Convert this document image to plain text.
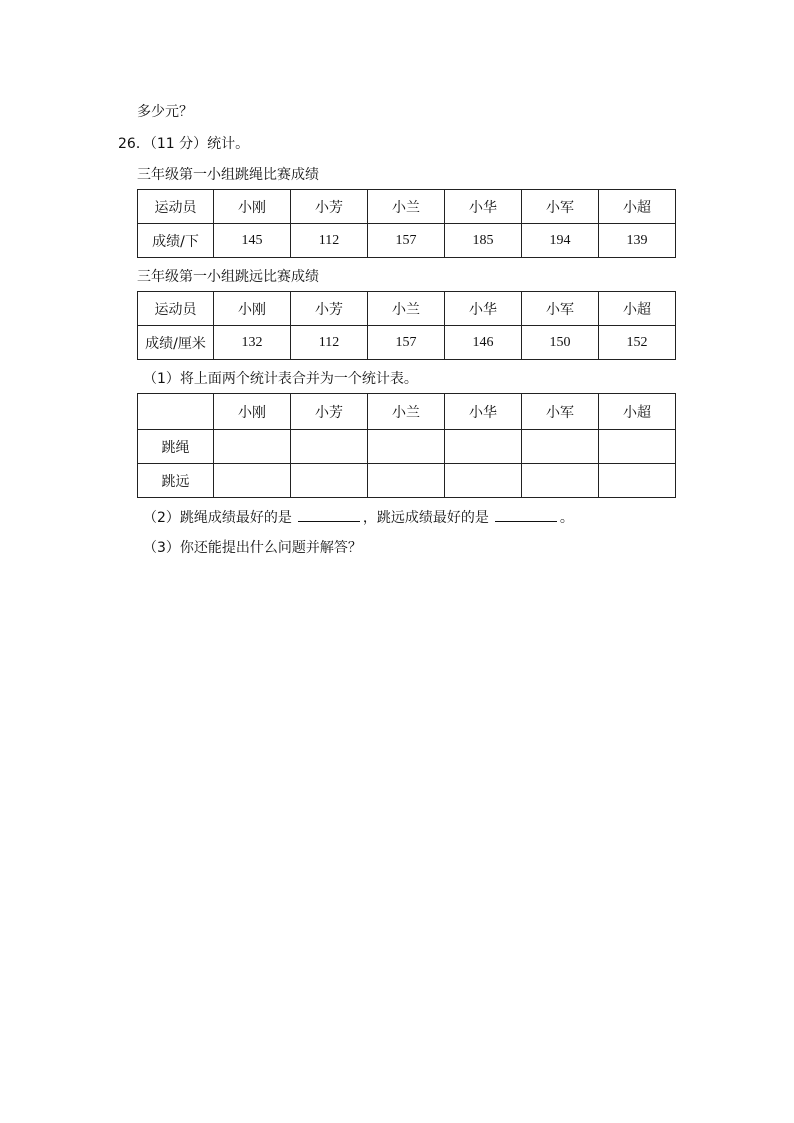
多少元？
26．（11 分）统计。
三年级第一小组跳绳比赛成绩
运动员	小刚	小芳	小兰	小华	小军	小超
成绩/下	145	112	157	185	194	139
三年级第一小组跳远比赛成绩
运动员	小刚	小芳	小兰	小华	小军	小超
成绩/厘米	132	112	157	146	150	152
（1）将上面两个统计表合并为一个统计表。
	小刚	小芳	小兰	小华	小军	小超
跳绳						
跳远						
（2）跳绳成绩最好的是	，跳远成绩最好的是	。
（3）你还能提出什么问题并解答？
